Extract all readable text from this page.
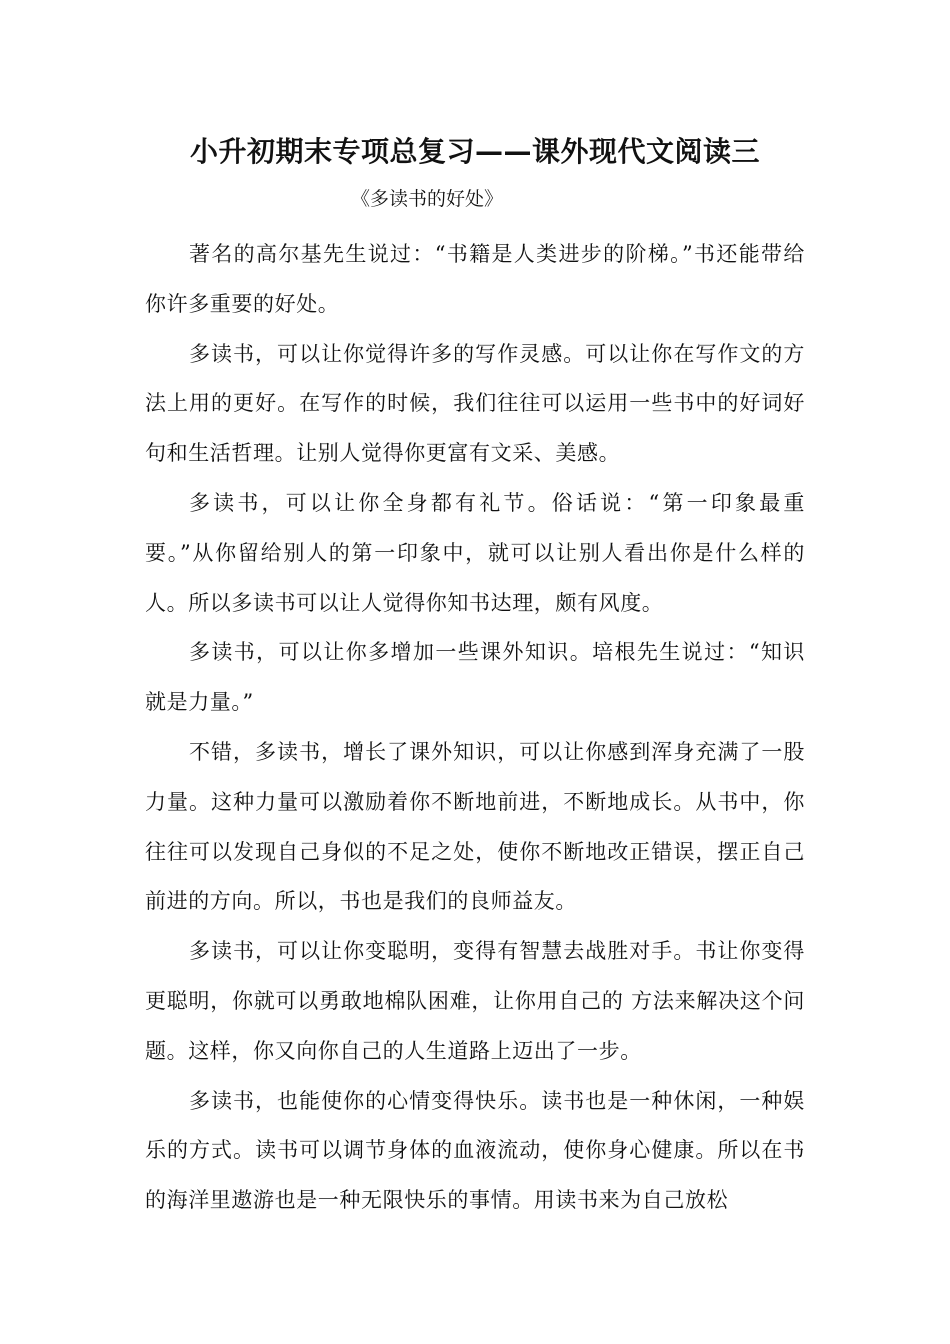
小升初期末专项总复习——课外现代文阅读三

《多读书的好处》

著名的高尔基先生说过：“书籍是人类进步的阶梯。”书还能带给你许多重要的好处。

多读书，可以让你觉得许多的写作灵感。可以让你在写作文的方法上用的更好。在写作的时候，我们往往可以运用一些书中的好词好句和生活哲理。让别人觉得你更富有文采、美感。

多读书，可以让你全身都有礼节。俗话说：“第一印象最重要。”从你留给别人的第一印象中，就可以让别人看出你是什么样的人。所以多读书可以让人觉得你知书达理，颇有风度。

多读书，可以让你多增加一些课外知识。培根先生说过：“知识就是力量。”

不错，多读书，增长了课外知识，可以让你感到浑身充满了一股力量。这种力量可以激励着你不断地前进，不断地成长。从书中，你往往可以发现自己身似的不足之处，使你不断地改正错误，摆正自己前进的方向。所以，书也是我们的良师益友。

多读书，可以让你变聪明，变得有智慧去战胜对手。书让你变得更聪明，你就可以勇敢地棉队困难，让你用自己的 方法来解决这个问题。这样，你又向你自己的人生道路上迈出了一步。

多读书，也能使你的心情变得快乐。读书也是一种休闲，一种娱乐的方式。读书可以调节身体的血液流动，使你身心健康。所以在书的海洋里遨游也是一种无限快乐的事情。用读书来为自己放松
